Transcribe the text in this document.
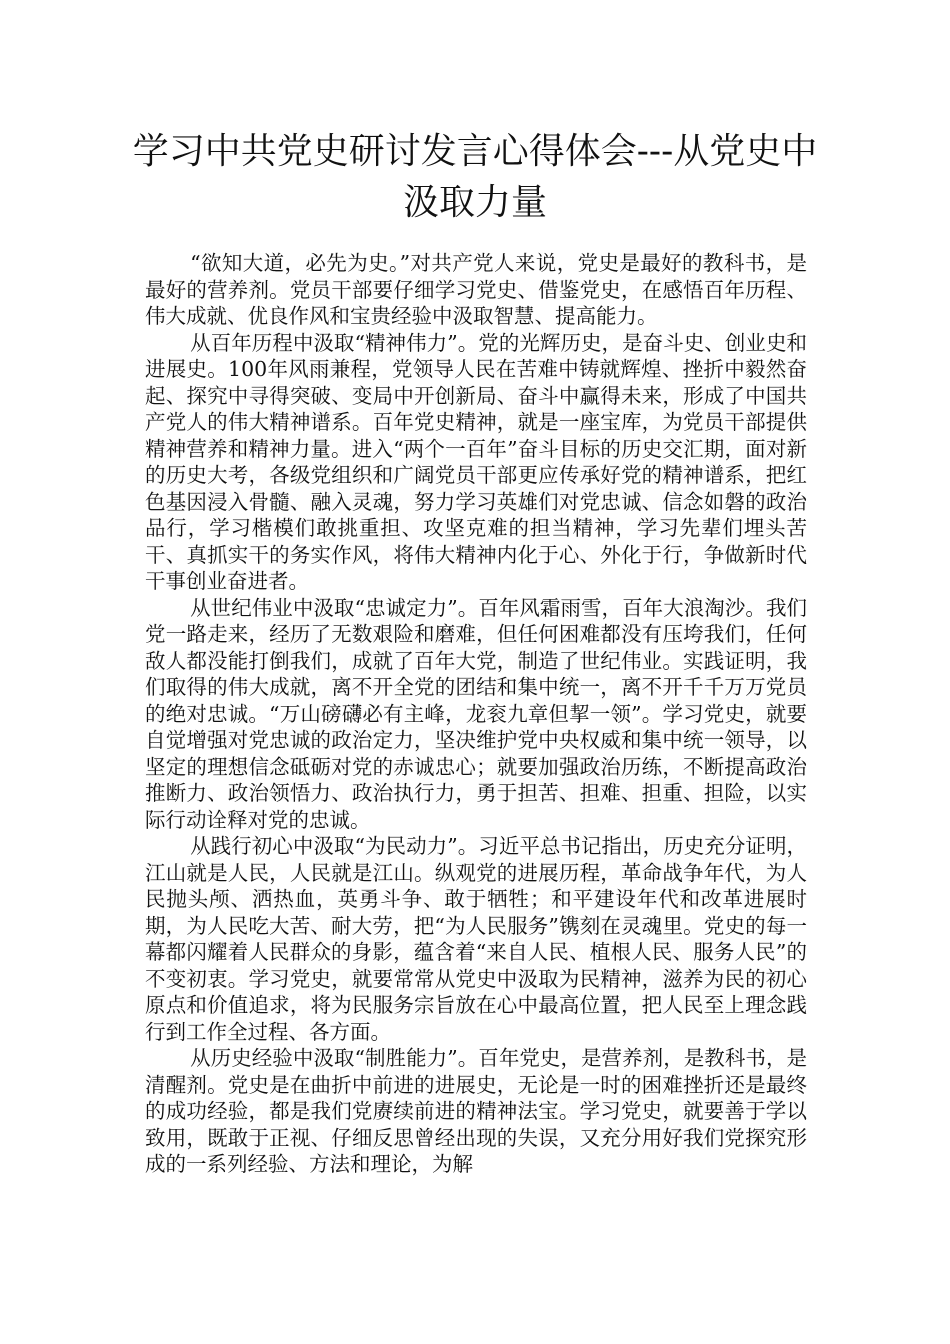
学习中共党史研讨发言心得体会---从党史中汲取力量

“欲知大道，必先为史。”对共产党人来说，党史是最好的教科书，是最好的营养剂。党员干部要仔细学习党史、借鉴党史，在感悟百年历程、伟大成就、优良作风和宝贵经验中汲取智慧、提高能力。

从百年历程中汲取“精神伟力”。党的光辉历史，是奋斗史、创业史和进展史。100年风雨兼程，党领导人民在苦难中铸就辉煌、挫折中毅然奋起、探究中寻得突破、变局中开创新局、奋斗中赢得未来，形成了中国共产党人的伟大精神谱系。百年党史精神，就是一座宝库，为党员干部提供精神营养和精神力量。进入“两个一百年”奋斗目标的历史交汇期，面对新的历史大考，各级党组织和广阔党员干部更应传承好党的精神谱系，把红色基因浸入骨髓、融入灵魂，努力学习英雄们对党忠诚、信念如磐的政治品行，学习楷模们敢挑重担、攻坚克难的担当精神，学习先辈们埋头苦干、真抓实干的务实作风，将伟大精神内化于心、外化于行，争做新时代干事创业奋进者。

从世纪伟业中汲取“忠诚定力”。百年风霜雨雪，百年大浪淘沙。我们党一路走来，经历了无数艰险和磨难，但任何困难都没有压垮我们，任何敌人都没能打倒我们，成就了百年大党，制造了世纪伟业。实践证明，我们取得的伟大成就，离不开全党的团结和集中统一，离不开千千万万党员的绝对忠诚。“万山磅礴必有主峰，龙衮九章但挈一领”。学习党史，就要自觉增强对党忠诚的政治定力，坚决维护党中央权威和集中统一领导，以坚定的理想信念砥砺对党的赤诚忠心；就要加强政治历练，不断提高政治推断力、政治领悟力、政治执行力，勇于担苦、担难、担重、担险，以实际行动诠释对党的忠诚。

从践行初心中汲取“为民动力”。习近平总书记指出，历史充分证明，江山就是人民，人民就是江山。纵观党的进展历程，革命战争年代，为人民抛头颅、洒热血，英勇斗争、敢于牺牲；和平建设年代和改革进展时期，为人民吃大苦、耐大劳，把“为人民服务”镌刻在灵魂里。党史的每一幕都闪耀着人民群众的身影，蕴含着“来自人民、植根人民、服务人民”的不变初衷。学习党史，就要常常从党史中汲取为民精神，滋养为民的初心原点和价值追求，将为民服务宗旨放在心中最高位置，把人民至上理念践行到工作全过程、各方面。

从历史经验中汲取“制胜能力”。百年党史，是营养剂，是教科书，是清醒剂。党史是在曲折中前进的进展史，无论是一时的困难挫折还是最终的成功经验，都是我们党赓续前进的精神法宝。学习党史，就要善于学以致用，既敢于正视、仔细反思曾经出现的失误，又充分用好我们党探究形成的一系列经验、方法和理论，为解
